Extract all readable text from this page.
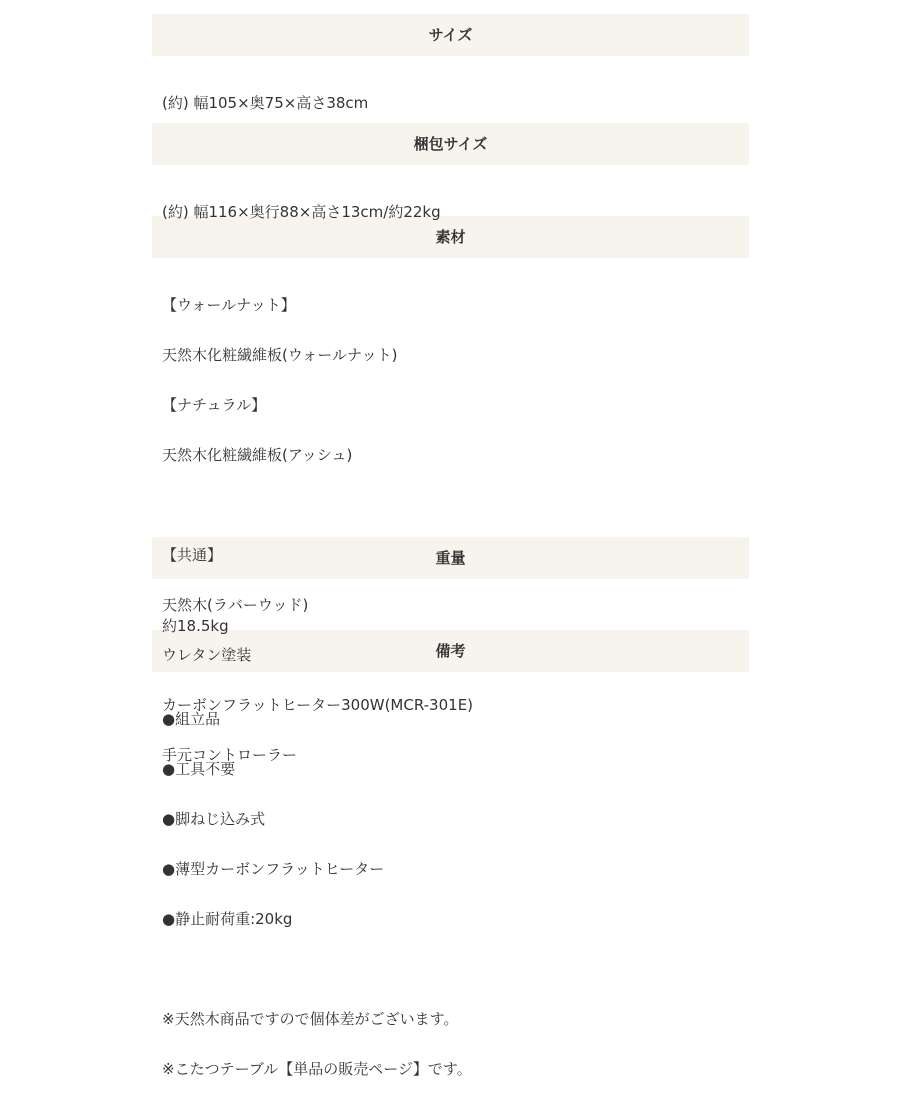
サイズ

(約) 幅105×奥75×高さ38cm

梱包サイズ

(約) 幅116×奥行88×高さ13cm/約22kg

素材

【ウォールナット】

天然木化粧繊維板(ウォールナット)

【ナチュラル】

天然木化粧繊維板(アッシュ)

【共通】

天然木(ラバーウッド)

ウレタン塗装

カーボンフラットヒーター300W(MCR-301E)

手元コントローラー

重量

約18.5kg

備考

●組立品

●工具不要

●脚ねじ込み式

●薄型カーボンフラットヒーター

●静止耐荷重:20kg

※天然木商品ですので個体差がございます。

※こたつテーブル【単品の販売ページ】です。
